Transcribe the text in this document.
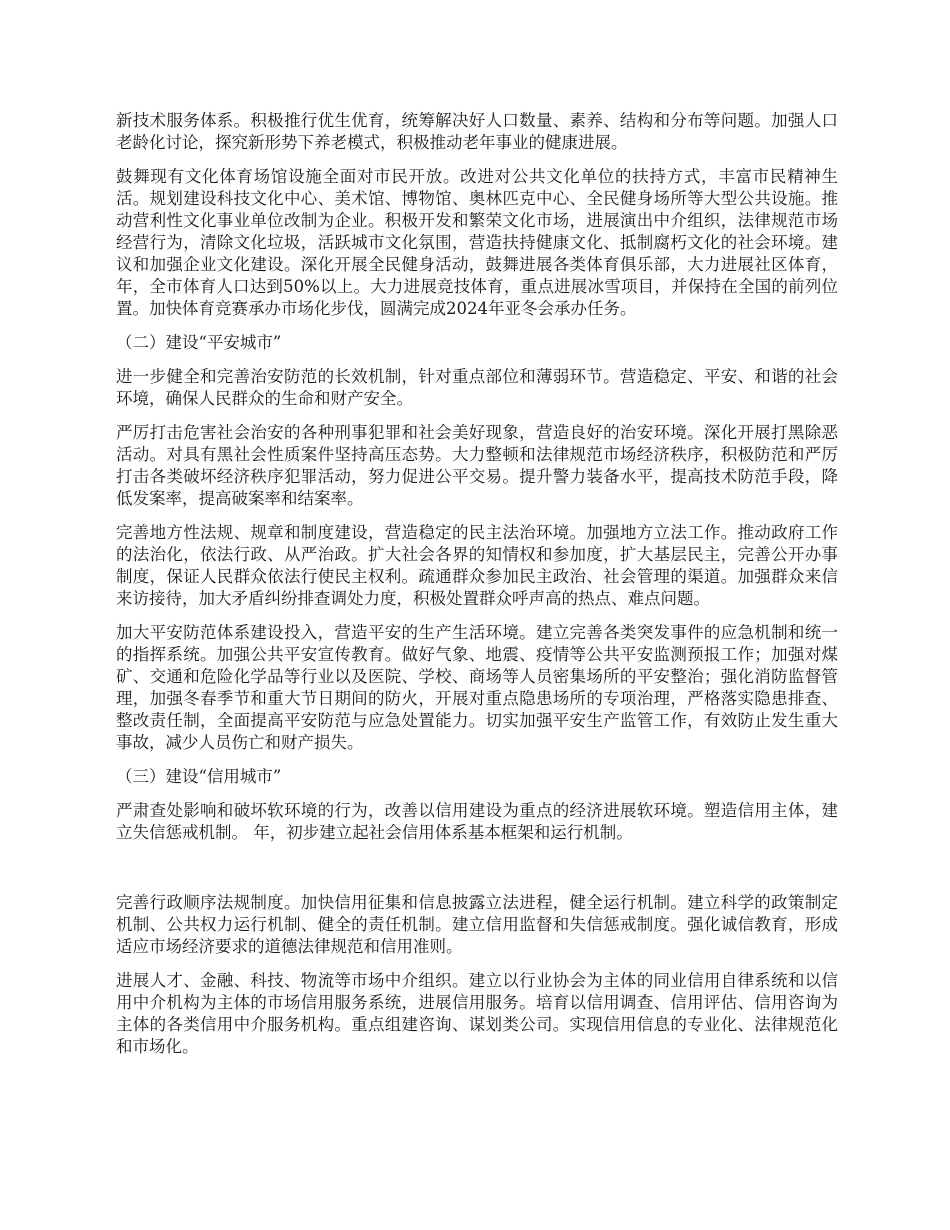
新技术服务体系。积极推行优生优育，统筹解决好人口数量、素养、结构和分布等问题。加强人口老龄化讨论，探究新形势下养老模式，积极推动老年事业的健康进展。

鼓舞现有文化体育场馆设施全面对市民开放。改进对公共文化单位的扶持方式，丰富市民精神生活。规划建设科技文化中心、美术馆、博物馆、奥林匹克中心、全民健身场所等大型公共设施。推动营利性文化事业单位改制为企业。积极开发和繁荣文化市场，进展演出中介组织，法律规范市场经营行为，清除文化垃圾，活跃城市文化氛围，营造扶持健康文化、抵制腐朽文化的社会环境。建议和加强企业文化建设。深化开展全民健身活动，鼓舞进展各类体育俱乐部，大力进展社区体育，年，全市体育人口达到50%以上。大力进展竞技体育，重点进展冰雪项目，并保持在全国的前列位置。加快体育竞赛承办市场化步伐，圆满完成2024年亚冬会承办任务。

（二）建设“平安城市”

进一步健全和完善治安防范的长效机制，针对重点部位和薄弱环节。营造稳定、平安、和谐的社会环境，确保人民群众的生命和财产安全。

严厉打击危害社会治安的各种刑事犯罪和社会美好现象，营造良好的治安环境。深化开展打黑除恶活动。对具有黑社会性质案件坚持高压态势。大力整顿和法律规范市场经济秩序，积极防范和严厉打击各类破坏经济秩序犯罪活动，努力促进公平交易。提升警力装备水平，提高技术防范手段，降低发案率，提高破案率和结案率。

完善地方性法规、规章和制度建设，营造稳定的民主法治环境。加强地方立法工作。推动政府工作的法治化，依法行政、从严治政。扩大社会各界的知情权和参加度，扩大基层民主，完善公开办事制度，保证人民群众依法行使民主权利。疏通群众参加民主政治、社会管理的渠道。加强群众来信来访接待，加大矛盾纠纷排查调处力度，积极处置群众呼声高的热点、难点问题。

加大平安防范体系建设投入，营造平安的生产生活环境。建立完善各类突发事件的应急机制和统一的指挥系统。加强公共平安宣传教育。做好气象、地震、疫情等公共平安监测预报工作；加强对煤矿、交通和危险化学品等行业以及医院、学校、商场等人员密集场所的平安整治；强化消防监督管理，加强冬春季节和重大节日期间的防火，开展对重点隐患场所的专项治理，严格落实隐患排查、整改责任制，全面提高平安防范与应急处置能力。切实加强平安生产监管工作，有效防止发生重大事故，减少人员伤亡和财产损失。

（三）建设“信用城市”

严肃查处影响和破坏软环境的行为，改善以信用建设为重点的经济进展软环境。塑造信用主体，建立失信惩戒机制。 年，初步建立起社会信用体系基本框架和运行机制。

完善行政顺序法规制度。加快信用征集和信息披露立法进程，健全运行机制。建立科学的政策制定机制、公共权力运行机制、健全的责任机制。建立信用监督和失信惩戒制度。强化诚信教育，形成适应市场经济要求的道德法律规范和信用准则。

进展人才、金融、科技、物流等市场中介组织。建立以行业协会为主体的同业信用自律系统和以信用中介机构为主体的市场信用服务系统，进展信用服务。培育以信用调查、信用评估、信用咨询为主体的各类信用中介服务机构。重点组建咨询、谋划类公司。实现信用信息的专业化、法律规范化和市场化。
